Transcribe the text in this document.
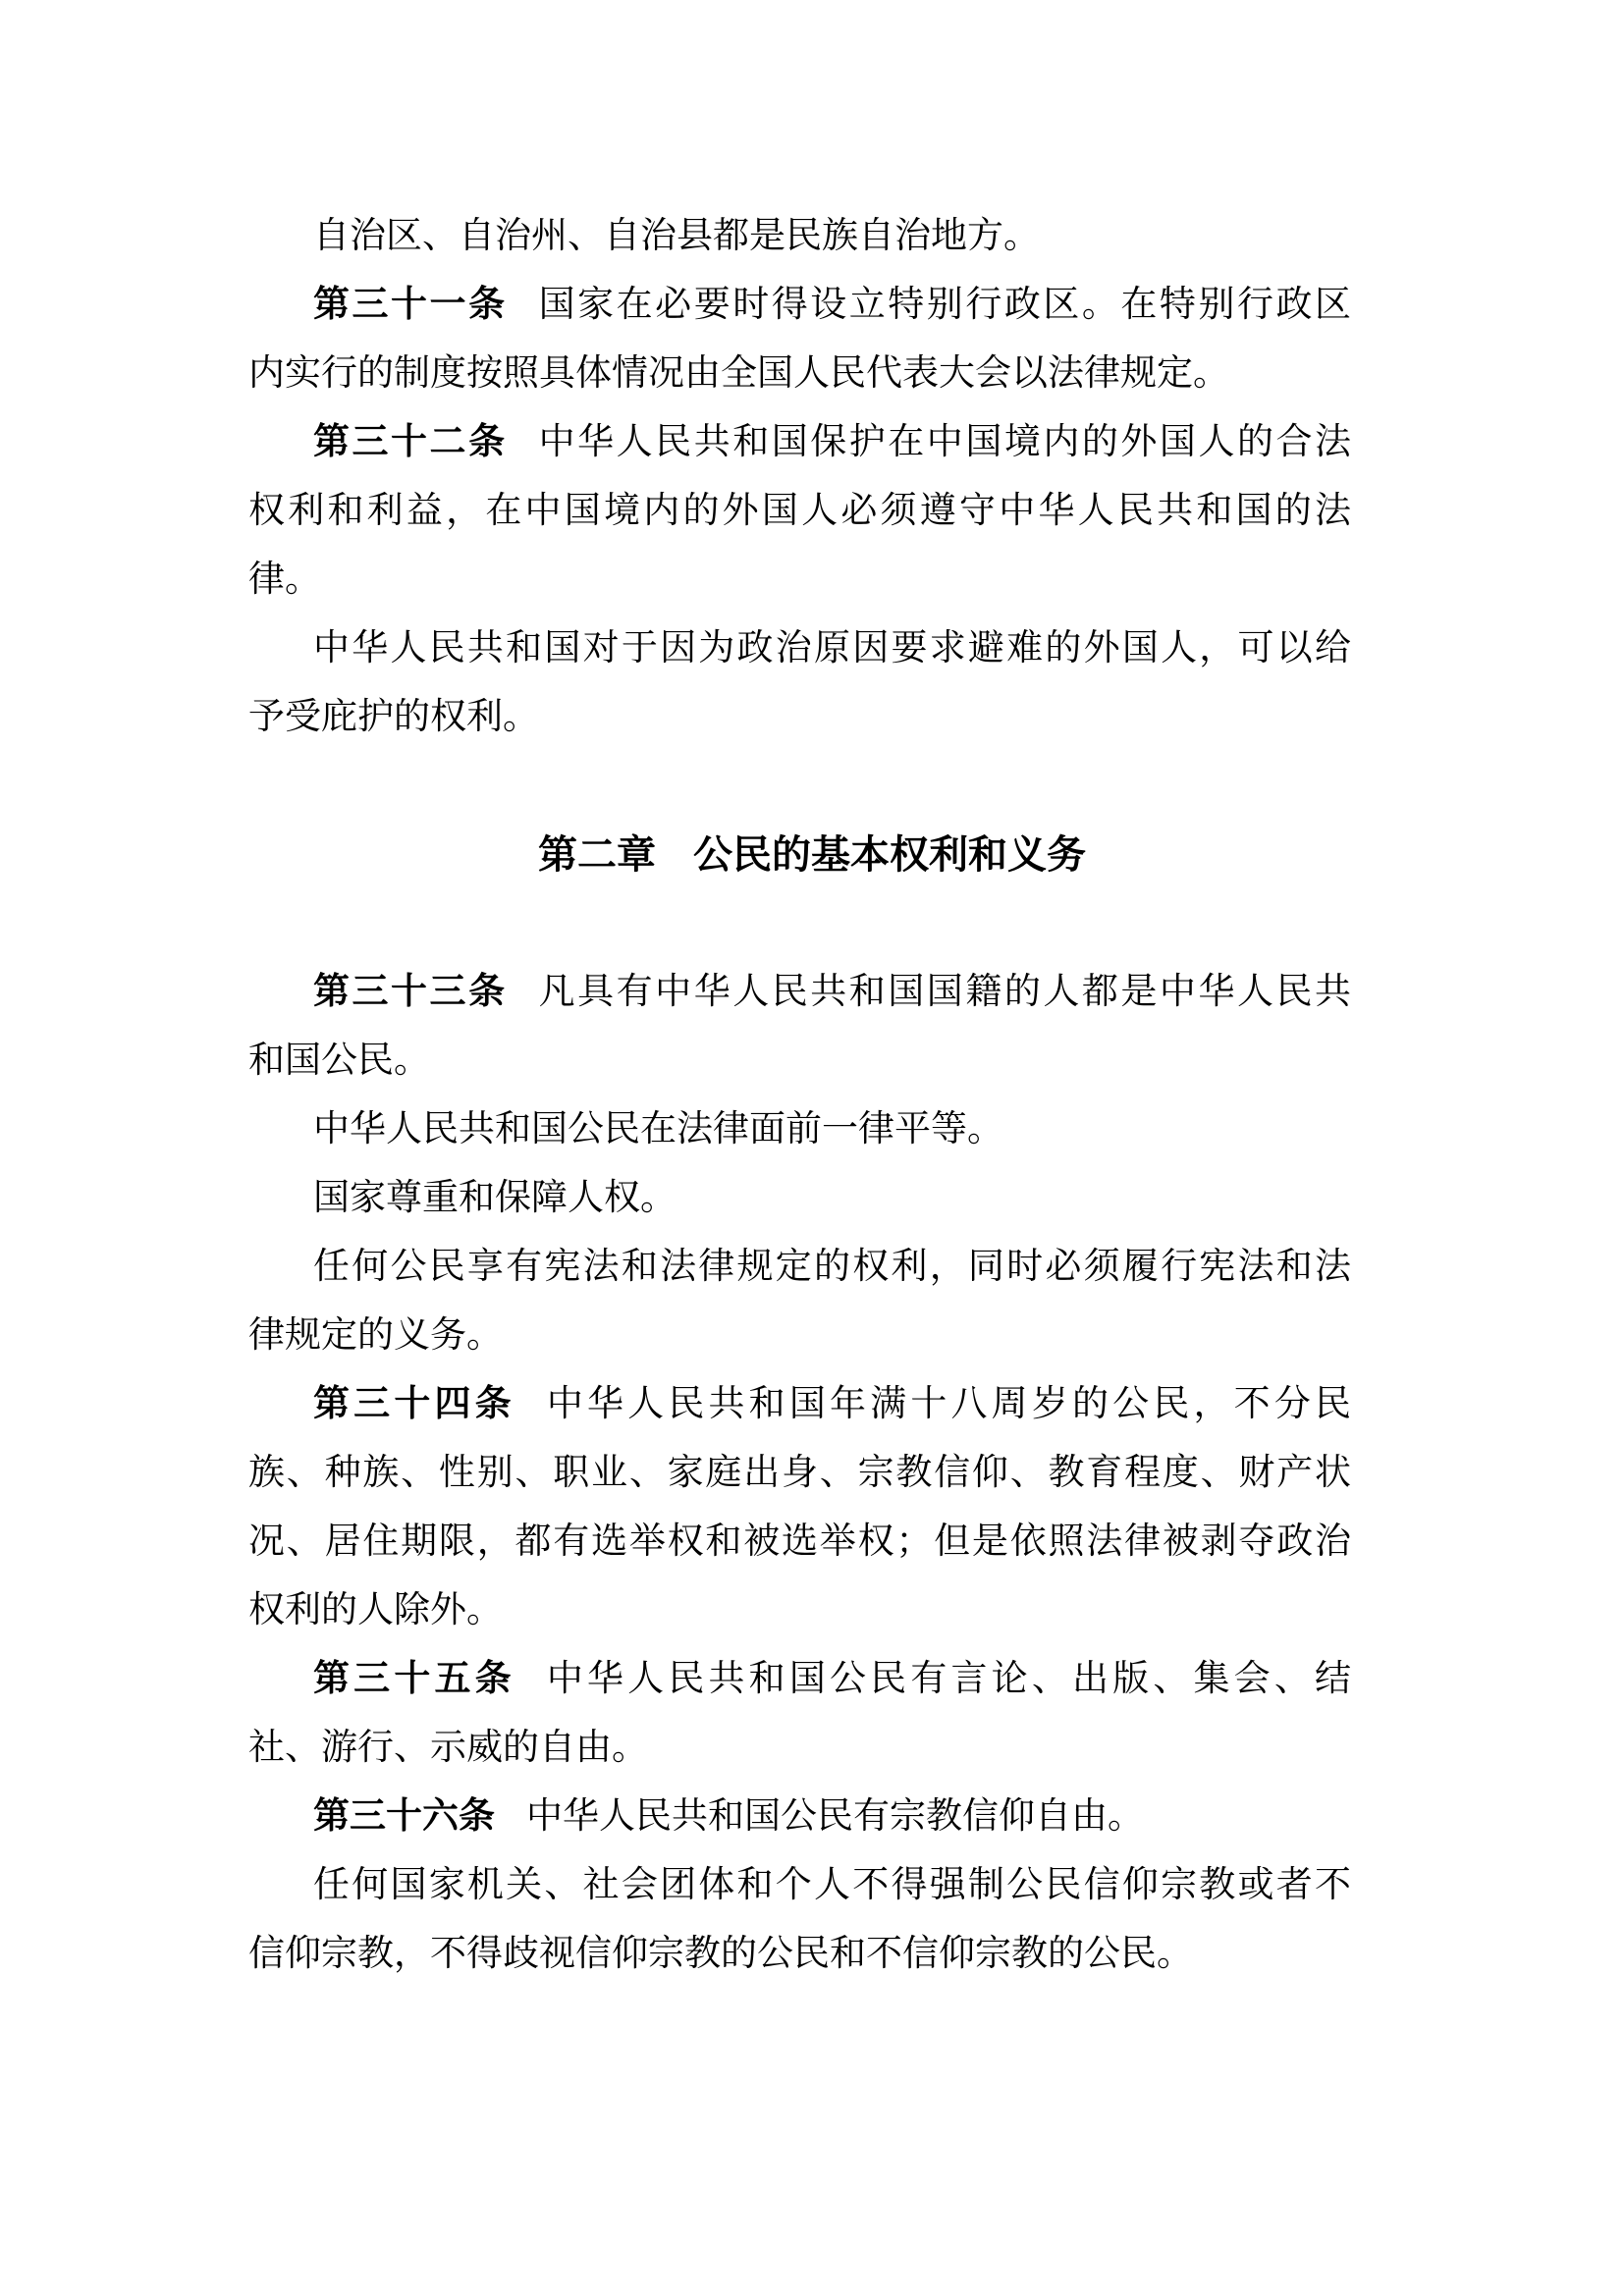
自治区、自治州、自治县都是民族自治地方。
第三十一条 国家在必要时得设立特别行政区。在特别行政区
内实行的制度按照具体情况由全国人民代表大会以法律规定。
第三十二条 中华人民共和国保护在中国境内的外国人的合法
权利和利益，在中国境内的外国人必须遵守中华人民共和国的法
律。
中华人民共和国对于因为政治原因要求避难的外国人，可以给
予受庇护的权利。
第二章 公民的基本权利和义务
第三十三条 凡具有中华人民共和国国籍的人都是中华人民共
和国公民。
中华人民共和国公民在法律面前一律平等。
国家尊重和保障人权。
任何公民享有宪法和法律规定的权利，同时必须履行宪法和法
律规定的义务。
第三十四条 中华人民共和国年满十八周岁的公民，不分民
族、种族、性别、职业、家庭出身、宗教信仰、教育程度、财产状
况、居住期限，都有选举权和被选举权；但是依照法律被剥夺政治
权利的人除外。
第三十五条 中华人民共和国公民有言论、出版、集会、结
社、游行、示威的自由。
第三十六条 中华人民共和国公民有宗教信仰自由。
任何国家机关、社会团体和个人不得强制公民信仰宗教或者不
信仰宗教，不得歧视信仰宗教的公民和不信仰宗教的公民。
